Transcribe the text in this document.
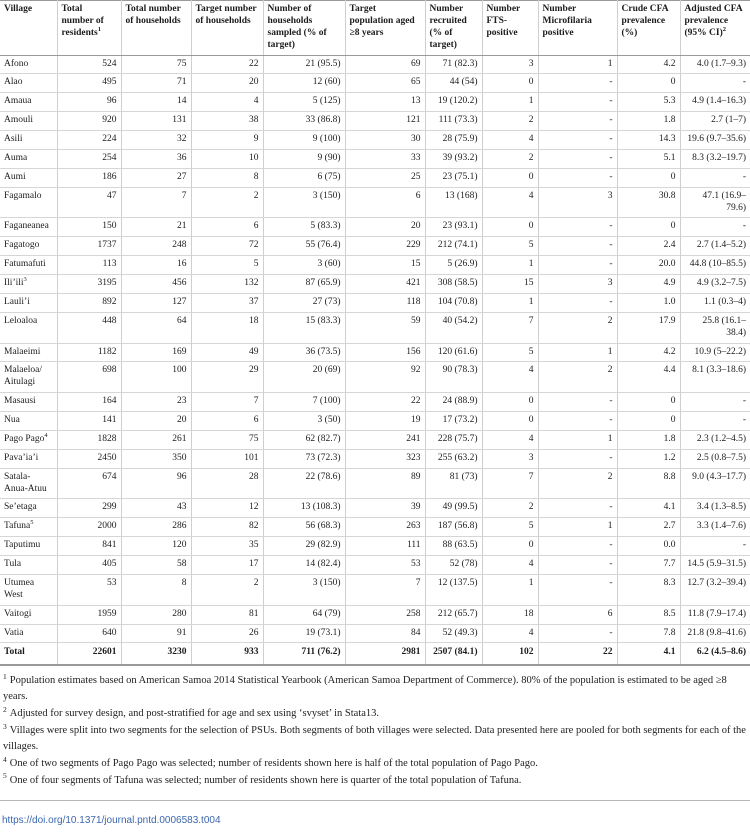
Village	Total number of residents$^1$	Total number of households	Target number of households	Number of households sampled (% of target)	Target population aged ≥8 years	Number recruited (% of target)	Number FTS-positive	Number Microfilaria positive	Crude CFA prevalence (%)	Adjusted CFA prevalence (95% CI)$^2$
Afono	524	75	22	21 (95.5)	69	71 (82.3)	3	1	4.2	4.0 (1.7–9.3)
Alao	495	71	20	12 (60)	65	44 (54)	0	-	0	-
Amaua	96	14	4	5 (125)	13	19 (120.2)	1	-	5.3	4.9 (1.4–16.3)
Amouli	920	131	38	33 (86.8)	121	111 (73.3)	2	-	1.8	2.7 (1–7)
Asili	224	32	9	9 (100)	30	28 (75.9)	4	-	14.3	19.6 (9.7–35.6)
Auma	254	36	10	9 (90)	33	39 (93.2)	2	-	5.1	8.3 (3.2–19.7)
Aumi	186	27	8	6 (75)	25	23 (75.1)	0	-	0	-
Fagamalo	47	7	2	3 (150)	6	13 (168)	4	3	30.8	47.1 (16.9–79.6)
Faganeanea	150	21	6	5 (83.3)	20	23 (93.1)	0	-	0	-
Fagatogo	1737	248	72	55 (76.4)	229	212 (74.1)	5	-	2.4	2.7 (1.4–5.2)
Fatumafuti	113	16	5	3 (60)	15	5 (26.9)	1	-	20.0	44.8 (10–85.5)
Ili’ili$^3$	3195	456	132	87 (65.9)	421	308 (58.5)	15	3	4.9	4.9 (3.2–7.5)
Lauli’i	892	127	37	27 (73)	118	104 (70.8)	1	-	1.0	1.1 (0.3–4)
Leloaloa	448	64	18	15 (83.3)	59	40 (54.2)	7	2	17.9	25.8 (16.1–38.4)
Malaeimi	1182	169	49	36 (73.5)	156	120 (61.6)	5	1	4.2	10.9 (5–22.2)
Malaeloa/ Aitulagi	698	100	29	20 (69)	92	90 (78.3)	4	2	4.4	8.1 (3.3–18.6)
Masausi	164	23	7	7 (100)	22	24 (88.9)	0	-	0	-
Nua	141	20	6	3 (50)	19	17 (73.2)	0	-	0	-
Pago Pago$^4$	1828	261	75	62 (82.7)	241	228 (75.7)	4	1	1.8	2.3 (1.2–4.5)
Pava’ia’i	2450	350	101	73 (72.3)	323	255 (63.2)	3	-	1.2	2.5 (0.8–7.5)
Satala-Anua-Atuu	674	96	28	22 (78.6)	89	81 (73)	7	2	8.8	9.0 (4.3–17.7)
Se’etaga	299	43	12	13 (108.3)	39	49 (99.5)	2	-	4.1	3.4 (1.3–8.5)
Tafuna$^5$	2000	286	82	56 (68.3)	263	187 (56.8)	5	1	2.7	3.3 (1.4–7.6)
Taputimu	841	120	35	29 (82.9)	111	88 (63.5)	0	-	0.0	-
Tula	405	58	17	14 (82.4)	53	52 (78)	4	-	7.7	14.5 (5.9–31.5)
Utumea West	53	8	2	3 (150)	7	12 (137.5)	1	-	8.3	12.7 (3.2–39.4)
Vaitogi	1959	280	81	64 (79)	258	212 (65.7)	18	6	8.5	11.8 (7.9–17.4)
Vatia	640	91	26	19 (73.1)	84	52 (49.3)	4	-	7.8	21.8 (9.8–41.6)
Total	22601	3230	933	711 (76.2)	2981	2507 (84.1)	102	22	4.1	6.2 (4.5–8.6)
$^1$ Population estimates based on American Samoa 2014 Statistical Yearbook (American Samoa Department of Commerce). 80% of the population is estimated to be aged ≥8 years.
$^2$ Adjusted for survey design, and post-stratified for age and sex using ‘svyset’ in Stata13.
$^3$ Villages were split into two segments for the selection of PSUs. Both segments of both villages were selected. Data presented here are pooled for both segments for each of the villages.
$^4$ One of two segments of Pago Pago was selected; number of residents shown here is half of the total population of Pago Pago.
$^5$ One of four segments of Tafuna was selected; number of residents shown here is quarter of the total population of Tafuna.
https://doi.org/10.1371/journal.pntd.0006583.t004
